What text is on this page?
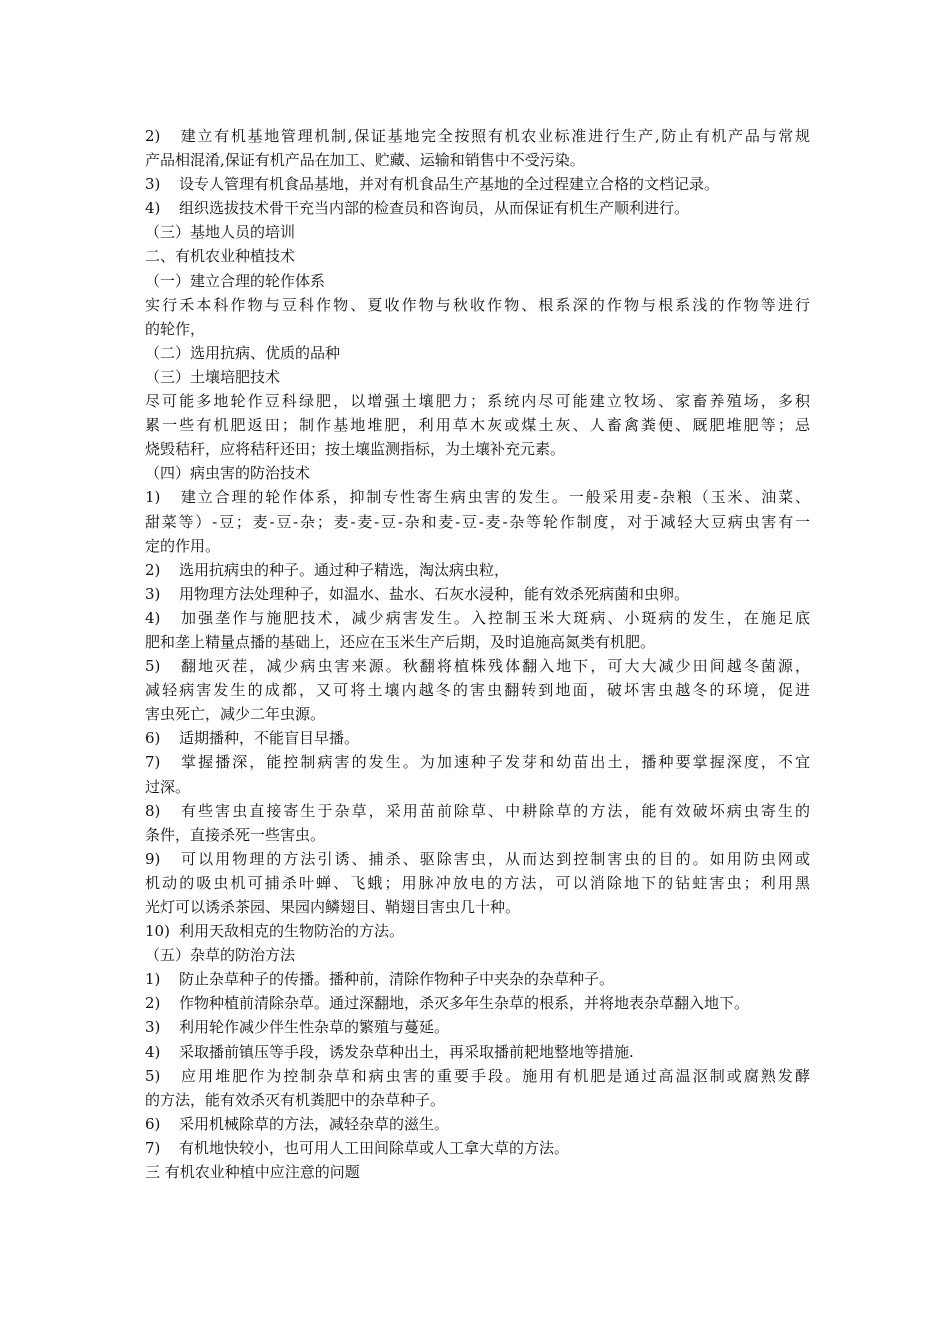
2) 建立有机基地管理机制,保证基地完全按照有机农业标准进行生产,防止有机产品与常规
产品相混淆,保证有机产品在加工、贮藏、运输和销售中不受污染。
3) 设专人管理有机食品基地，并对有机食品生产基地的全过程建立合格的文档记录。
4) 组织选拔技术骨干充当内部的检查员和咨询员，从而保证有机生产顺利进行。
（三）基地人员的培训
二、有机农业种植技术
（一）建立合理的轮作体系
实行禾本科作物与豆科作物、夏收作物与秋收作物、根系深的作物与根系浅的作物等进行
的轮作，
（二）选用抗病、优质的品种
（三）土壤培肥技术
尽可能多地轮作豆科绿肥，以增强土壤肥力；系统内尽可能建立牧场、家畜养殖场，多积
累一些有机肥返田；制作基地堆肥，利用草木灰或煤土灰、人畜禽粪便、厩肥堆肥等；忌
烧毁秸秆，应将秸秆还田；按土壤监测指标，为土壤补充元素。
（四）病虫害的防治技术
1) 建立合理的轮作体系，抑制专性寄生病虫害的发生。一般采用麦-杂粮（玉米、油菜、
甜菜等）-豆；麦-豆-杂；麦-麦-豆-杂和麦-豆-麦-杂等轮作制度，对于减轻大豆病虫害有一
定的作用。
2) 选用抗病虫的种子。通过种子精选，淘汰病虫粒，
3) 用物理方法处理种子，如温水、盐水、石灰水浸种，能有效杀死病菌和虫卵。
4) 加强垄作与施肥技术，减少病害发生。入控制玉米大斑病、小斑病的发生，在施足底
肥和垄上精量点播的基础上，还应在玉米生产后期，及时追施高氮类有机肥。
5) 翻地灭茬，减少病虫害来源。秋翻将植株残体翻入地下，可大大减少田间越冬菌源，
减轻病害发生的成都，又可将土壤内越冬的害虫翻转到地面，破坏害虫越冬的环境，促进
害虫死亡，减少二年虫源。
6) 适期播种，不能盲目早播。
7) 掌握播深，能控制病害的发生。为加速种子发芽和幼苗出土，播种要掌握深度，不宜
过深。
8) 有些害虫直接寄生于杂草，采用苗前除草、中耕除草的方法，能有效破坏病虫寄生的
条件，直接杀死一些害虫。
9) 可以用物理的方法引诱、捕杀、驱除害虫，从而达到控制害虫的目的。如用防虫网或
机动的吸虫机可捕杀叶蝉、飞蛾；用脉冲放电的方法，可以消除地下的钻蛀害虫；利用黑
光灯可以诱杀茶园、果园内鳞翅目、鞘翅目害虫几十种。
10) 利用天敌相克的生物防治的方法。
（五）杂草的防治方法
1) 防止杂草种子的传播。播种前，清除作物种子中夹杂的杂草种子。
2) 作物种植前清除杂草。通过深翻地，杀灭多年生杂草的根系，并将地表杂草翻入地下。
3) 利用轮作减少伴生性杂草的繁殖与蔓延。
4) 采取播前镇压等手段，诱发杂草种出土，再采取播前耙地整地等措施.
5) 应用堆肥作为控制杂草和病虫害的重要手段。施用有机肥是通过高温沤制或腐熟发酵
的方法，能有效杀灭有机粪肥中的杂草种子。
6) 采用机械除草的方法，减轻杂草的滋生。
7) 有机地快较小，也可用人工田间除草或人工拿大草的方法。
三 有机农业种植中应注意的问题
